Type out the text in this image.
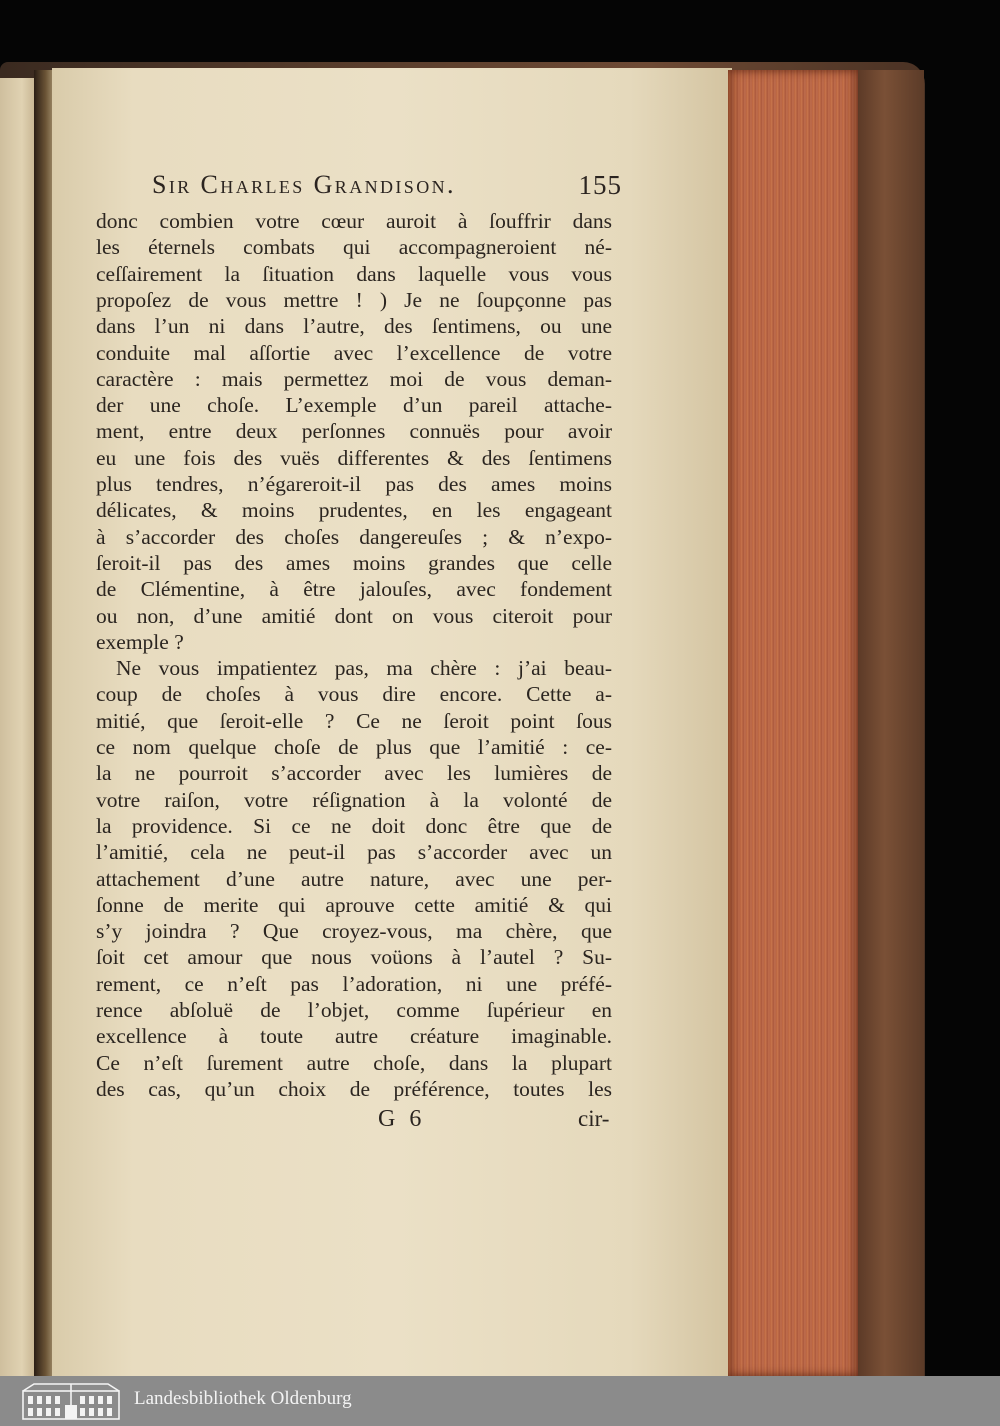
Sir Charles Grandison.	155
donc combien votre cœur auroit à ſouffrir dans
les éternels combats qui accompagneroient né-
ceſſairement la ſituation dans laquelle vous vous
propoſez de vous mettre ! ) Je ne ſoupçonne pas
dans l’un ni dans l’autre, des ſentimens, ou une
conduite mal aſſortie avec l’excellence de votre
caractère : mais permettez moi de vous deman-
der une choſe. L’exemple d’un pareil attache-
ment, entre deux perſonnes connuës pour avoir
eu une fois des vuës differentes & des ſentimens
plus tendres, n’égareroit-il pas des ames moins
délicates, & moins prudentes, en les engageant
à s’accorder des choſes dangereuſes ; & n’expo-
ſeroit-il pas des ames moins grandes que celle
de Clémentine, à être jalouſes, avec fondement
ou non, d’une amitié dont on vous citeroit pour
exemple ?
Ne vous impatientez pas, ma chère : j’ai beau-
coup de choſes à vous dire encore. Cette a-
mitié, que ſeroit-elle ? Ce ne ſeroit point ſous
ce nom quelque choſe de plus que l’amitié : ce-
la ne pourroit s’accorder avec les lumières de
votre raiſon, votre réſignation à la volonté de
la providence. Si ce ne doit donc être que de
l’amitié, cela ne peut-il pas s’accorder avec un
attachement d’une autre nature, avec une per-
ſonne de merite qui aprouve cette amitié & qui
s’y joindra ? Que croyez-vous, ma chère, que
ſoit cet amour que nous voüons à l’autel ? Su-
rement, ce n’eſt pas l’adoration, ni une préfé-
rence abſoluë de l’objet, comme ſupérieur en
excellence à toute autre créature imaginable.
Ce n’eſt ſurement autre choſe, dans la plupart
des cas, qu’un choix de préférence, toutes les
G 6	cir-
Landesbibliothek Oldenburg
